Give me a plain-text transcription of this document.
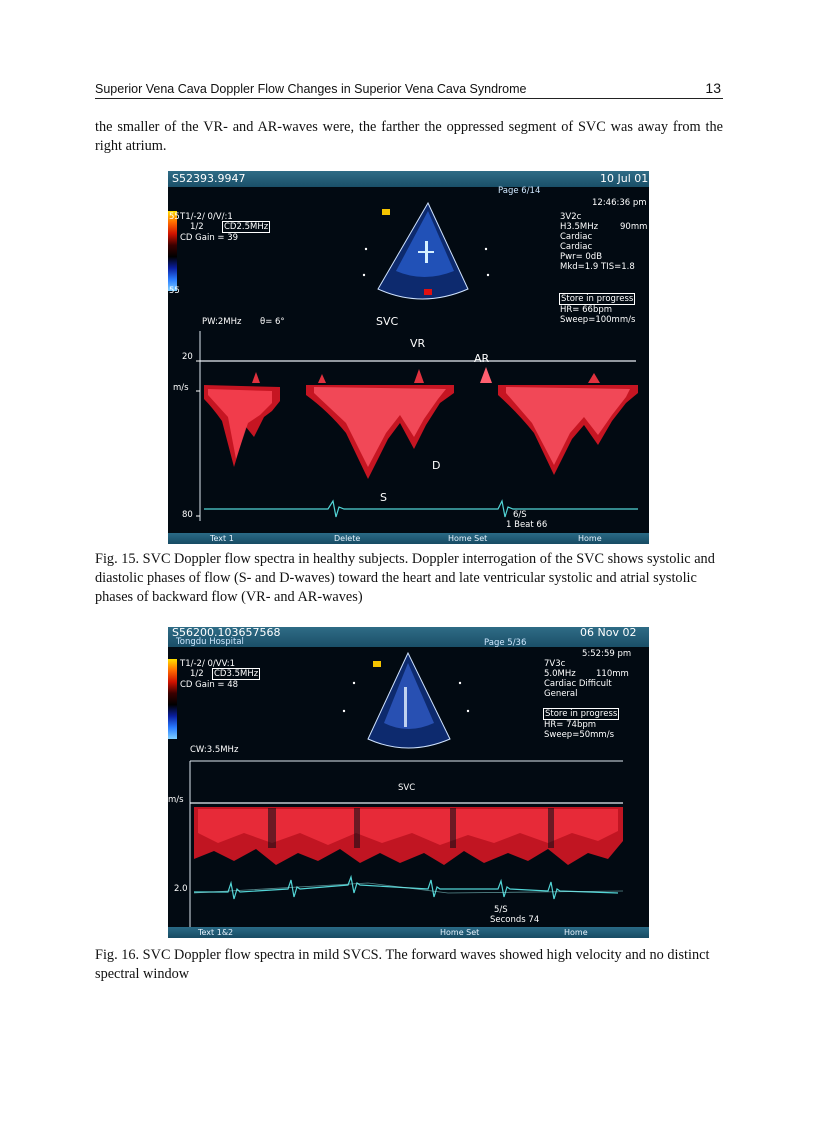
Superior Vena Cava Doppler Flow Changes in Superior Vena Cava Syndrome	13
the smaller of the VR- and AR-waves were, the farther the oppressed segment of SVC was away from the right atrium.
S52393.9947	10 Jul 01
Page 6/14
12:46:36 pm
55
55
T1/-2/ 0/V/:1
1/2 CD2.5MHz
CD Gain = 39
3V2c
H3.5MHz	90mm
Cardiac
Cardiac
Pwr= 0dB
Mkd=1.9 TIS=1.8
Store in progress
HR= 66bpm
Sweep=100mm/s
PW:2MHz θ= 6°	SVC
20
m/s
80
VR
AR
D
S
6/S
1 Beat 66
Text 1	Delete	Home Set	Home
Fig. 15. SVC Doppler flow spectra in healthy subjects. Doppler interrogation of the SVC shows systolic and diastolic phases of flow (S- and D-waves) toward the heart and late ventricular systolic and atrial systolic phases of backward flow (VR- and AR-waves)
S56200.103657568
Tongdu Hospital
06 Nov 02
Page 5/36
5:52:59 pm
T1/-2/ 0/VV:1
1/2 CD3.5MHz
CD Gain = 48
7V3c
5.0MHz 110mm
Cardiac Difficult
General
Store in progress
HR= 74bpm
Sweep=50mm/s
CW:3.5MHz
m/s
2.0
SVC
5/S
Seconds 74
Text 1&2	Home Set	Home
Fig. 16. SVC Doppler flow spectra in mild SVCS. The forward waves showed high velocity and no distinct spectral window
